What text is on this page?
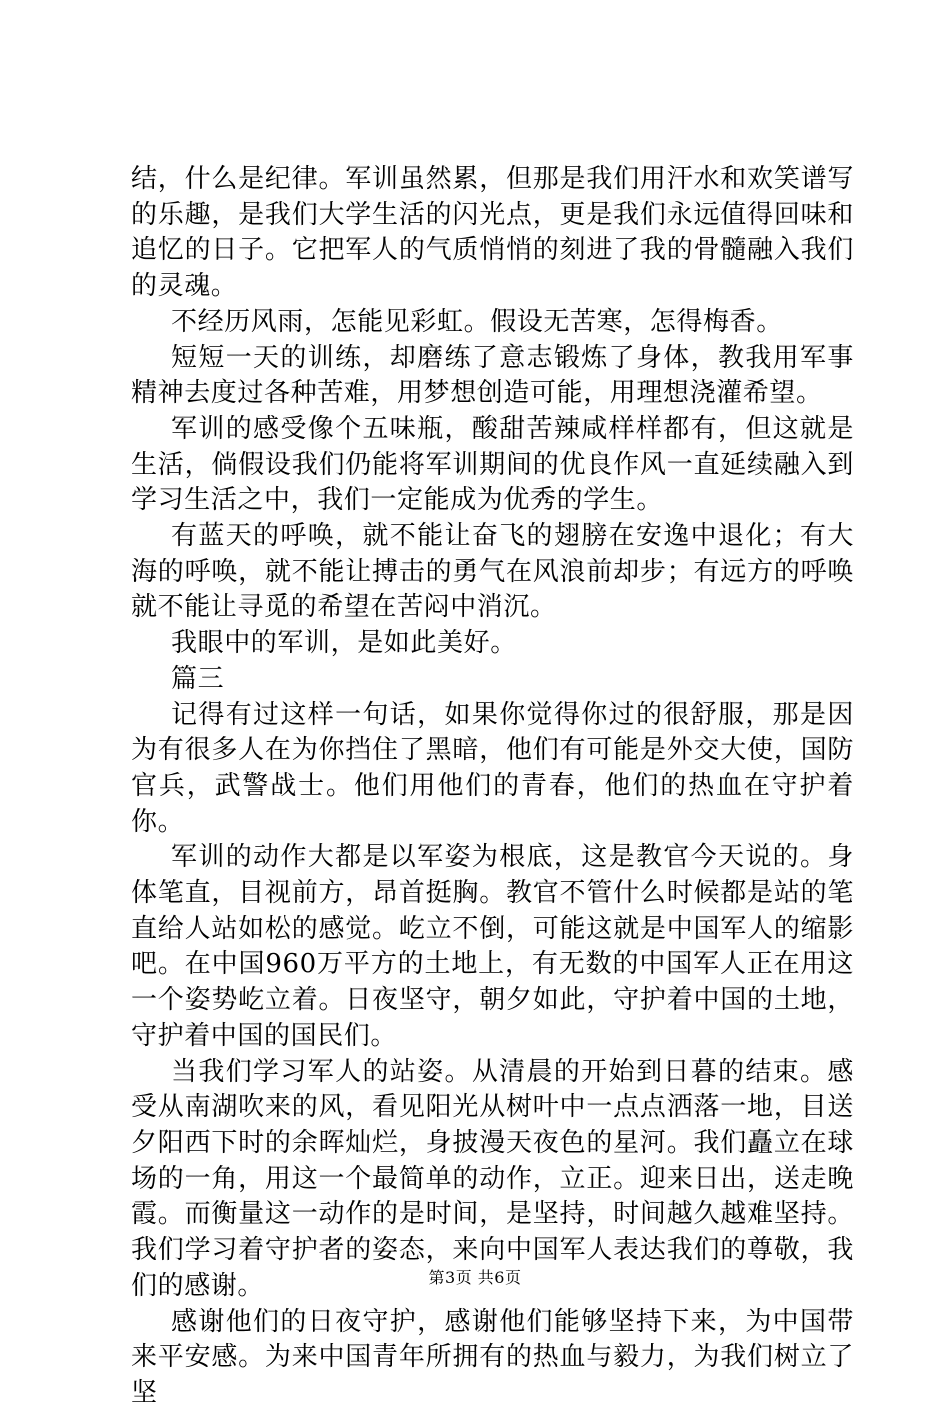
结，什么是纪律。军训虽然累，但那是我们用汗水和欢笑谱写的乐趣，是我们大学生活的闪光点，更是我们永远值得回味和追忆的日子。它把军人的气质悄悄的刻进了我的骨髓融入我们的灵魂。

不经历风雨，怎能见彩虹。假设无苦寒，怎得梅香。

短短一天的训练，却磨练了意志锻炼了身体，教我用军事精神去度过各种苦难，用梦想创造可能，用理想浇灌希望。

军训的感受像个五味瓶，酸甜苦辣咸样样都有，但这就是生活，倘假设我们仍能将军训期间的优良作风一直延续融入到学习生活之中，我们一定能成为优秀的学生。

有蓝天的呼唤，就不能让奋飞的翅膀在安逸中退化；有大海的呼唤，就不能让搏击的勇气在风浪前却步；有远方的呼唤就不能让寻觅的希望在苦闷中消沉。

我眼中的军训，是如此美好。

篇三

记得有过这样一句话，如果你觉得你过的很舒服，那是因为有很多人在为你挡住了黑暗，他们有可能是外交大使，国防官兵，武警战士。他们用他们的青春，他们的热血在守护着你。

军训的动作大都是以军姿为根底，这是教官今天说的。身体笔直，目视前方，昂首挺胸。教官不管什么时候都是站的笔直给人站如松的感觉。屹立不倒，可能这就是中国军人的缩影吧。在中国960万平方的土地上，有无数的中国军人正在用这一个姿势屹立着。日夜坚守，朝夕如此，守护着中国的土地，守护着中国的国民们。

当我们学习军人的站姿。从清晨的开始到日暮的结束。感受从南湖吹来的风，看见阳光从树叶中一点点洒落一地，目送夕阳西下时的余晖灿烂，身披漫天夜色的星河。我们矗立在球场的一角，用这一个最简单的动作，立正。迎来日出，送走晚霞。而衡量这一动作的是时间，是坚持，时间越久越难坚持。我们学习着守护者的姿态，来向中国军人表达我们的尊敬，我们的感谢。

感谢他们的日夜守护，感谢他们能够坚持下来，为中国带来平安感。为来中国青年所拥有的热血与毅力，为我们树立了坚

第3页 共6页
